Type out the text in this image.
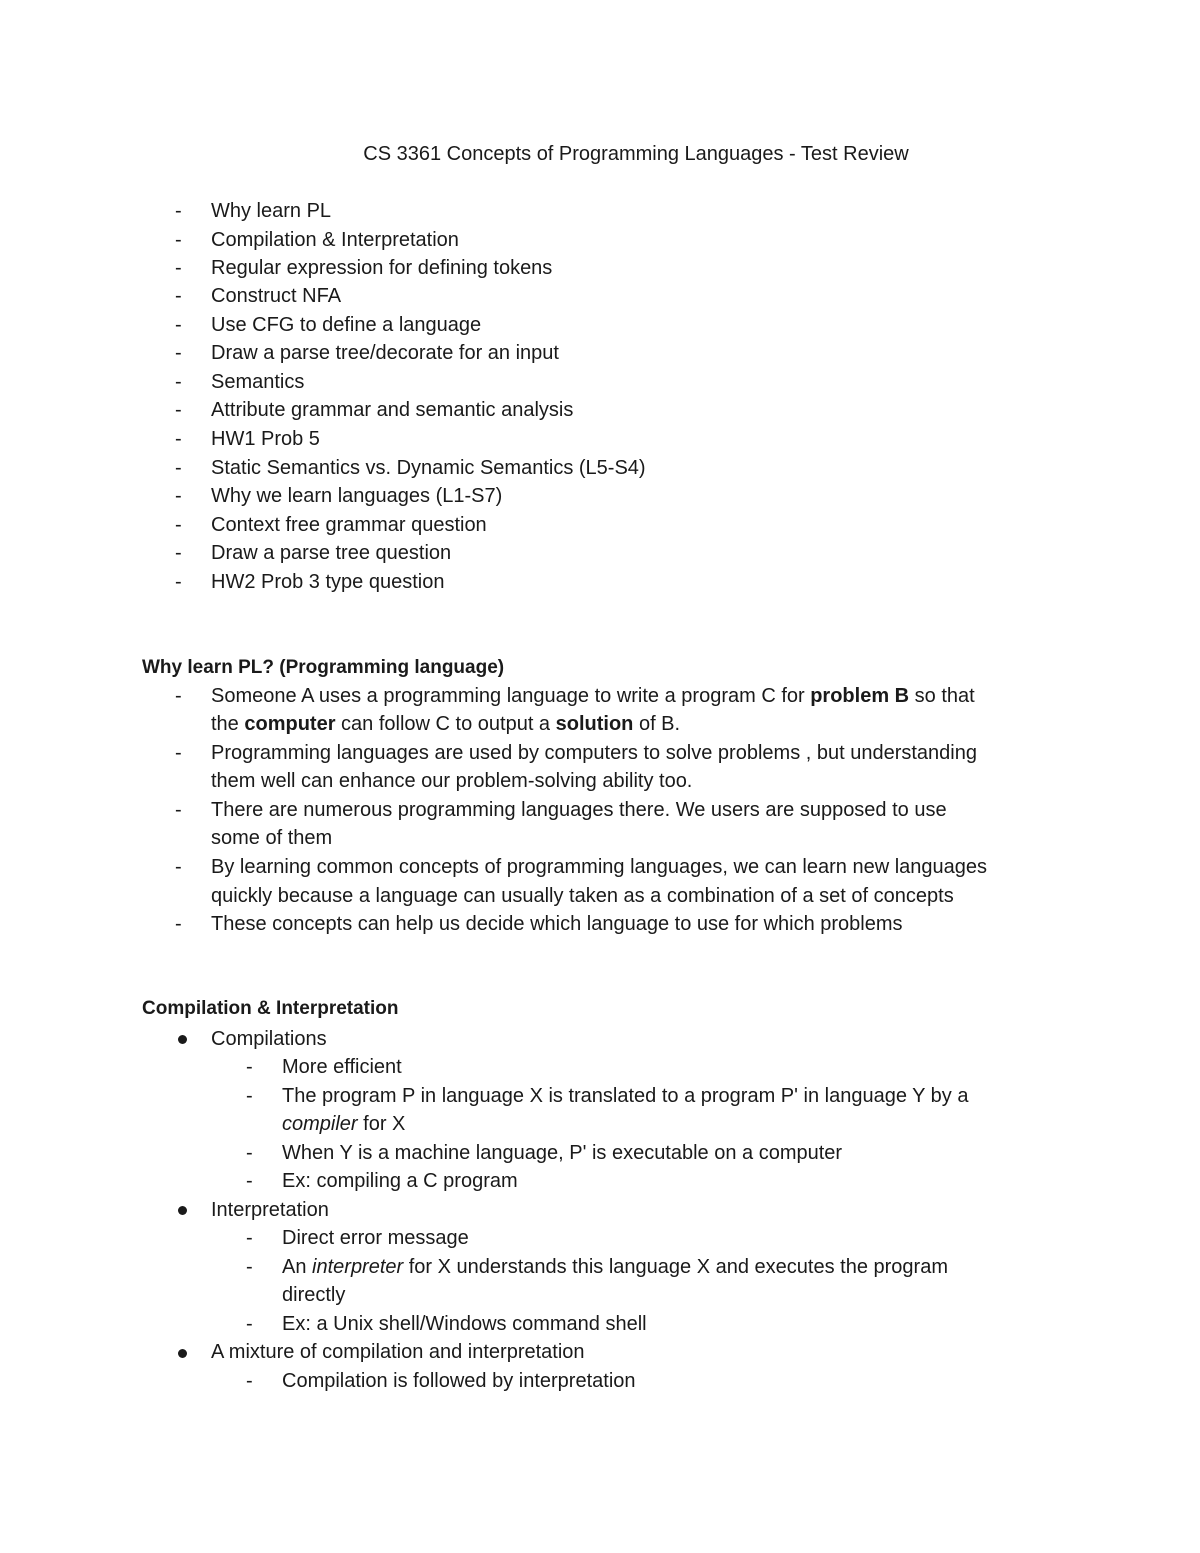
CS 3361 Concepts of Programming Languages - Test Review
-	Why learn PL
-	Compilation & Interpretation
-	Regular expression for defining tokens
-	Construct NFA
-	Use CFG to define a language
-	Draw a parse tree/decorate for an input
-	Semantics
-	Attribute grammar and semantic analysis
-	HW1 Prob 5
-	Static Semantics vs. Dynamic Semantics (L5-S4)
-	Why we learn languages (L1-S7)
-	Context free grammar question
-	Draw a parse tree question
-	HW2 Prob 3 type question
Why learn PL? (Programming language)
-	Someone A uses a programming language to write a program C for problem B so that
the computer can follow C to output a solution of B.
-	Programming languages are used by computers to solve problems , but understanding
them well can enhance our problem-solving ability too.
-	There are numerous programming languages there. We users are supposed to use
some of them
-	By learning common concepts of programming languages, we can learn new languages
quickly because a language can usually taken as a combination of a set of concepts
-	These concepts can help us decide which language to use for which problems
Compilation & Interpretation
Compilations
-	More efficient
-	The program P in language X is translated to a program P' in language Y by a
compiler for X
-	When Y is a machine language, P' is executable on a computer
-	Ex: compiling a C program
Interpretation
-	Direct error message
-	An interpreter for X understands this language X and executes the program
directly
-	Ex: a Unix shell/Windows command shell
A mixture of compilation and interpretation
-	Compilation is followed by interpretation
